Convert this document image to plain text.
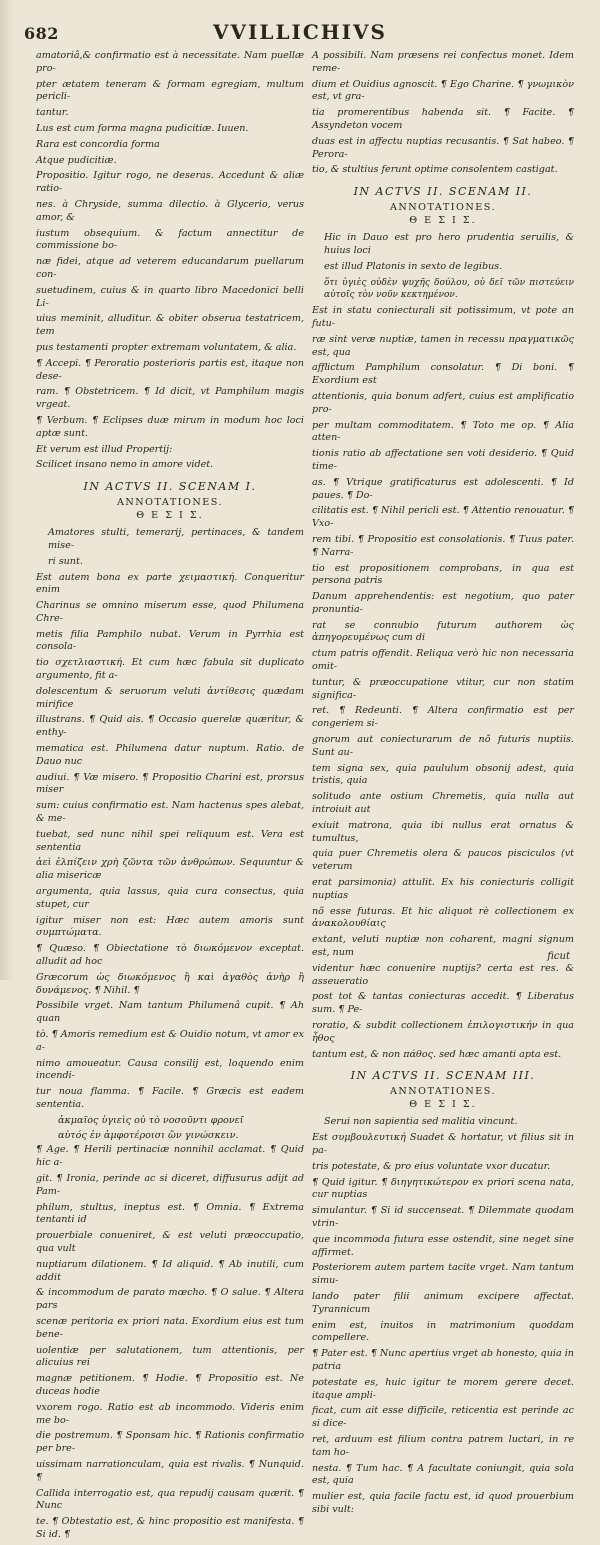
682	VVILLICHIVS

amatoriâ,& confirmatio est à necessitate. Nam puellæ pro-

pter ætatem teneram & formam egregiam, multum pericli-

tantur.

Lus est cum forma magna pudicitiæ. Iuuen.

Rara est concordia forma

Atque pudicitiæ.

Propositio. Igitur rogo, ne deseras. Accedunt & aliæ ratio-

nes. à Chryside, summa dilectio. à Glycerio, verus amor, &

iustum obsequium. & factum annectitur de commissione bo-

næ fidei, atque ad veterem educandarum puellarum con-

suetudinem, cuius & in quarto libro Macedonici belli Li-

uius meminit, alluditur. & obiter obserua testatricem, tem

pus testamenti propter extremam voluntatem, & alia.

¶ Accepi. ¶ Peroratio posterioris partis est, itaque non dese-

ram. ¶ Obstetricem. ¶ Id dicit, vt Pamphilum magis vrgeat.

¶ Verbum. ¶ Eclipses duæ mirum in modum hoc loci aptæ sunt.

Et verum est illud Propertij:

Scilicet insano nemo in amore videt.

IN ACTVS II. SCENAM I.
ANNOTATIONES.
Θ Ε Σ Ι Σ.

Amatores stulti, temerarij, pertinaces, & tandem mise-

ri sunt.

Est autem bona ex parte χειμαστική. Conqueritur enim

Charinus se omnino miserum esse, quod Philumena Chre-

metis filia Pamphilo nubat. Verum in Pyrrhia est consola-

tio σχετλιαστική. Et cum hæc fabula sit duplicato argumento, fit a-

dolescentum & seruorum veluti ἀντίθεσις quædam mirifice

illustrans. ¶ Quid ais. ¶ Occasio querelæ quæritur, & enthy-

mematica est. Philumena datur nuptum. Ratio. de Dauo nuc

audiui. ¶ Væ misero. ¶ Propositio Charini est, prorsus miser

sum: cuius confirmatio est. Nam hactenus spes alebat, & me-

tuebat, sed nunc nihil spei reliquum est. Vera est sententia

ἀεὶ ἐλπίζειν χρὴ ζῶντα τῶν ἀνθρώπων. Sequuntur & alia misericæ

argumenta, quia lassus, quia cura consectus, quia stupet, cur

igitur miser non est: Hæc autem amoris sunt συμπτώματα.

¶ Quæso. ¶ Obiectatione τὸ διωκόμενον exceptat. alludit ad hoc

Græcorum ὡς διωκόμενος ἢ καὶ ἀγαθὸς ἀνὴρ ἢ δυνάμενος. ¶ Nihil. ¶

Possibile vrget. Nam tantum Philumenâ cupit. ¶ Ah quan

tò. ¶ Amoris remedium est & Ouidio notum, vt amor ex a-

nimo amoueatur. Causa consilij est, loquendo enim incendi-

tur noua flamma. ¶ Facile. ¶ Græcis est eadem sententia.

ἀκμαῖος ὑγιεὶς οὐ τὸ νοσοῦντι φρονεῖ

αὐτός ἐν ἀμφοτέροισι ὢν γινώσκειν.

¶ Age. ¶ Herili pertinaciæ nonnihil acclamat. ¶ Quid hic a-

git. ¶ Ironia, perinde ac si diceret, diffusurus adijt ad Pam-

philum, stultus, ineptus est. ¶ Omnia. ¶ Extrema tentanti id

prouerbiale conueniret, & est veluti præoccupatio, qua vult

nuptiarum dilationem. ¶ Id aliquid. ¶ Ab inutili, cum addit

& incommodum de parato mœcho. ¶ O salue. ¶ Altera pars

scenæ peritoria ex priori nata. Exordium eius est tum bene-

uolentiæ per salutationem, tum attentionis, per alicuius rei

magnæ petitionem. ¶ Hodie. ¶ Propositio est. Ne duceas hodie

vxorem rogo. Ratio est ab incommodo. Videris enim me bo-

die postremum. ¶ Sponsam hic. ¶ Rationis confirmatio per bre-

uissimam narrationculam, quia est rivalis. ¶ Nunquid. ¶

Callida interrogatio est, qua repudij causam quærit. ¶ Nunc

te. ¶ Obtestatio est, & hinc propositio est manifesta. ¶ Si id. ¶

A possibili. Nam præsens rei confectus monet. Idem reme-

dium et Ouidius agnoscit. ¶ Ego Charine. ¶ γνωμικὸν est, vt gra-

tia promerentibus habenda sit. ¶ Facite. ¶ Assyndeton vocem

duas est in affectu nuptias recusantis. ¶ Sat habeo. ¶ Perora-

tio, & stultius ferunt optime consolentem castigat.

IN ACTVS II. SCENAM II.
ANNOTATIONES.
Θ Ε Σ Ι Σ.

Hic in Dauo est pro hero prudentia seruilis, & huius loci

est illud Platonis in sexto de legibus.

ὅτι ὑγιὲς οὐδὲν ψυχῆς δούλου, οὐ δεῖ τῶν πιστεύειν αὐτοῖς τὸν νοῦν κεκτημένον.

Est in statu coniecturali sit potissimum, vt pote an futu-

ræ sint veræ nuptiæ, tamen in recessu πραγματικῶς est, qua

afflictum Pamphilum consolatur. ¶ Di boni. ¶ Exordium est

attentionis, quia bonum adfert, cuius est amplificatio pro-

per multam commoditatem. ¶ Toto me op. ¶ Alia atten-

tionis ratio ab affectatione sen voti desiderio. ¶ Quid time-

as. ¶ Vtrique gratificaturus est adolescenti. ¶ Id paues. ¶ Do-

cilitatis est. ¶ Nihil pericli est. ¶ Attentio renouatur. ¶ Vxo-

rem tibi. ¶ Propositio est consolationis. ¶ Tuus pater. ¶ Narra-

tio est propositionem comprobans, in qua est persona patris

Danum apprehendentis: est negotium, quo pater pronuntia-

rat se connubio futurum authorem ὡς ἀπηγορευμένως cum di

ctum patris offendit. Reliqua verò hic non necessaria omit-

tuntur, & præoccupatione vtitur, cur non statim significa-

ret. ¶ Redeunti. ¶ Altera confirmatio est per congeriem si-

gnorum aut coniecturarum de nõ futuris nuptiis. Sunt au-

tem signa sex, quia paululum obsonij adest, quia tristis, quia

solitudo ante ostium Chremetis, quia nulla aut introiuit aut

exiuit matrona, quia ibi nullus erat ornatus & tumultus,

quia puer Chremetis olera & paucos pisciculos (vt veterum

erat parsimonia) attulit. Ex his coniecturis colligit nuptias

nõ esse futuras. Et hic aliquot rè collectionem ex ἀνακολουθίαις

extant, veluti nuptiæ non coharent, magni signum est, num

videntur hæc conuenire nuptijs? certa est res. & asseueratio

post tot & tantas coniecturas accedit. ¶ Liberatus sum. ¶ Pe-

roratio, & subdit collectionem ἐπιλογιστικήν in qua ἦθος

tantum est, & non πάθος. sed hæc amanti apta est.

IN ACTVS II. SCENAM III.
ANNOTATIONES.
Θ Ε Σ Ι Σ.

Serui non sapientia sed malitia vincunt.

Est συμβουλευτική Suadet & hortatur, vt filius sit in pa-

tris potestate, & pro eius voluntate vxor ducatur.

¶ Quid igitur. ¶ διηγητικώτερον ex priori scena nata, cur nuptias

simulantur. ¶ Si id succenseat. ¶ Dilemmate quodam vtrin-

que incommoda futura esse ostendit, sine neget sine affirmet.

Posteriorem autem partem tacite vrget. Nam tantum simu-

lando pater filii animum excipere affectat. Tyrannicum

enim est, inuitos in matrimonium quoddam compellere.

¶ Pater est. ¶ Nunc apertius vrget ab honesto, quia in patria

potestate es, huic igitur te morem gerere decet. itaque ampli-

ficat, cum ait esse difficile, reticentia est perinde ac si dice-

ret, arduum est filium contra patrem luctari, in re tam ho-

nesta. ¶ Tum hac. ¶ A facultate coniungit, quia sola est, quia

mulier est, quia facile factu est, id quod prouerbium sibi vult:

ficut
